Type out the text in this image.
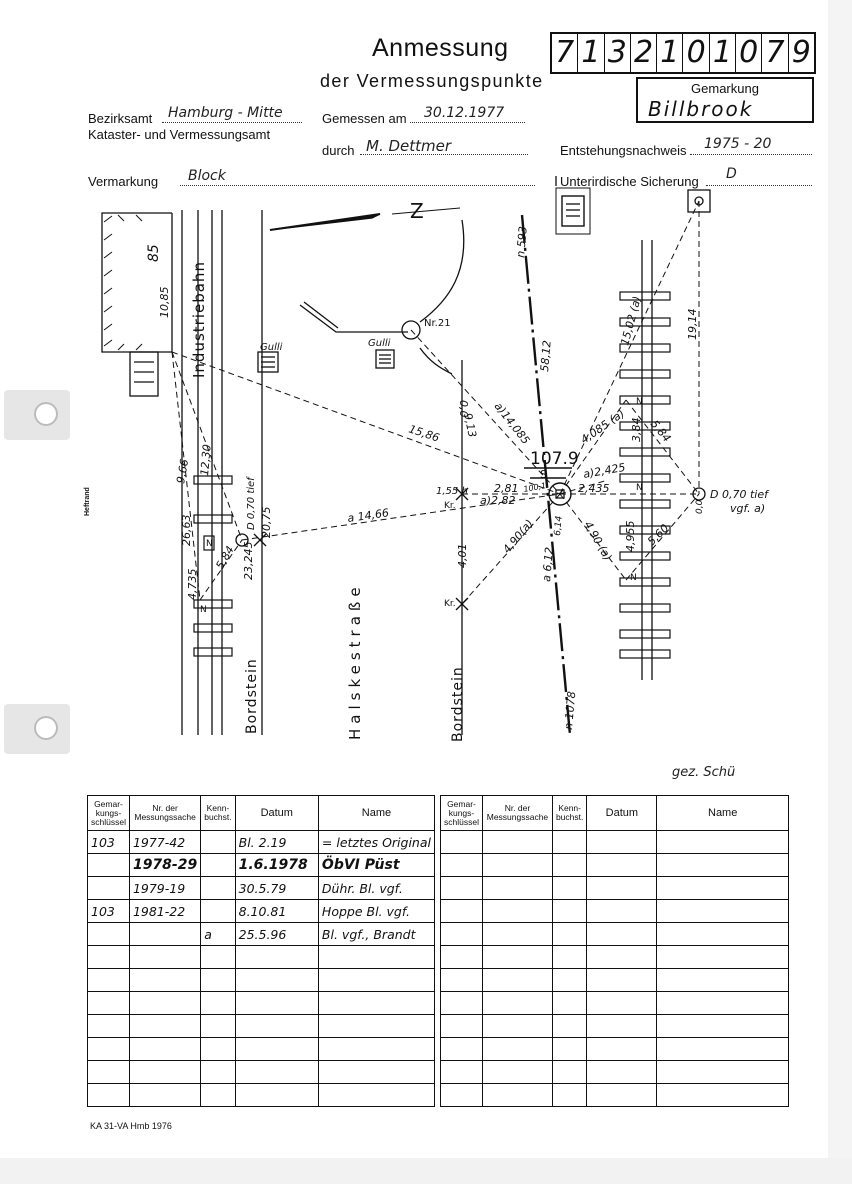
Anmessung
der Vermessungspunkte
7 1 3 2 1 0 1 0 7 9
Gemarkung
Billbrook
Bezirksamt Hamburg - Mitte
Kataster- und Vermessungsamt
Gemessen am 30.12.1977
durch M. Dettmer	Entstehungsnachweis 1975 - 20
Vermarkung Block	Unterirdische Sicherung D
Z
85
10,85 Industriebahn	Gulli	Gulli
Nr.21
Halskestraße
Bordstein	Bordstein
107.9
S
D 0,70 tief	D 0,70 tief
vgf. a)
Kr.
Kr.
N
N
N
N
N
n 593
58,12
n 1078
15,02 (a)	19,14
15,86 9,13
0,0 a)14,085
a 14,66
9,66 12,30
26,63
4,735
5,84 23,245
20,75
2,81
a)2,82
100,1
a)2,425
2,435
4,085 (a) 3,84 5,84
4,90(a)
a 6,12
6,14 4,90 (a) 4,955 5,60
0,0
4,01
1,55 h
Heftrand
gez. Schü
Gemar-kungs-schlüssel	Nr. der Messungssache	Kenn-buchst.	Datum	Name
103	1977-42		Bl. 2.19	= letztes Original
	1978-29		1.6.1978	ÖbVI Püst
	1979-19		30.5.79	Dühr. Bl. vgf.
103	1981-22		8.10.81	Hoppe Bl. vgf.
		a	25.5.96	Bl. vgf., Brandt

Gemar-kungs-schlüssel	Nr. der Messungssache	Kenn-buchst.	Datum	Name

KA 31-VA Hmb 1976
